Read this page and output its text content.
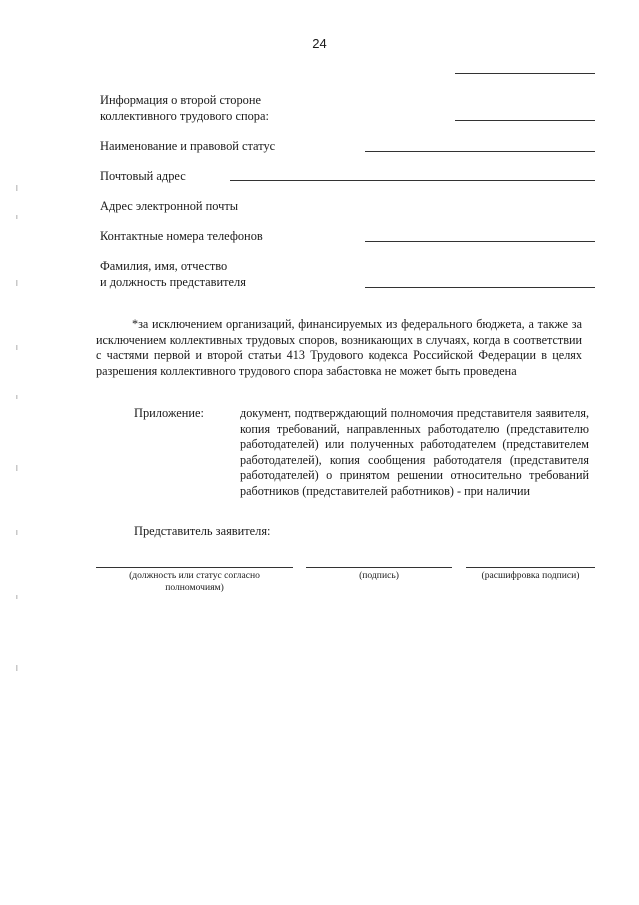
24
Информация о второй стороне
коллективного трудового спора:
Наименование и правовой статус
Почтовый адрес
Адрес электронной почты
Контактные номера телефонов
Фамилия, имя, отчество
и должность представителя

*за исключением организаций, финансируемых из федерального бюджета, а также за исключением коллективных трудовых споров, возникающих в случаях, когда в соответствии с частями первой и второй статьи 413 Трудового кодекса Российской Федерации в целях разрешения коллективного трудового спора забастовка не может быть проведена

Приложение:	документ, подтверждающий полномочия представителя заявителя, копия требований, направленных работодателю (представителю работодателей) или полученных работодателем (представителем работодателей), копия сообщения работодателя (представителя работодателей) о принятом решении относительно требований работников (представителей работников) - при наличии
Представитель заявителя:
(должность или статус согласно
полномочиям)
(подпись)	(расшифровка подписи)
